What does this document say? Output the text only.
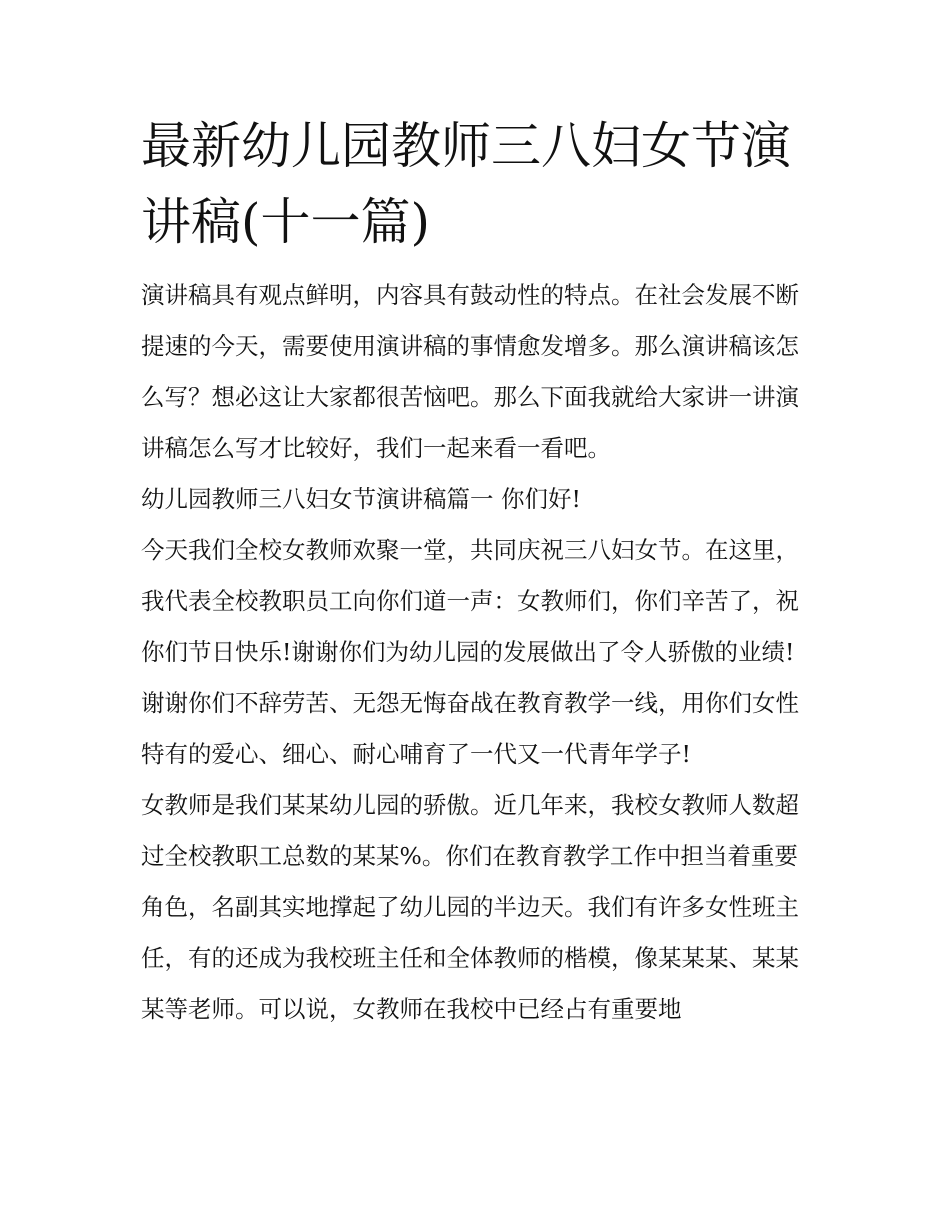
最新幼儿园教师三八妇女节演讲稿(十一篇)

演讲稿具有观点鲜明，内容具有鼓动性的特点。在社会发展不断提速的今天，需要使用演讲稿的事情愈发增多。那么演讲稿该怎么写？想必这让大家都很苦恼吧。那么下面我就给大家讲一讲演讲稿怎么写才比较好，我们一起来看一看吧。

幼儿园教师三八妇女节演讲稿篇一 你们好!

今天我们全校女教师欢聚一堂，共同庆祝三八妇女节。在这里，我代表全校教职员工向你们道一声：女教师们，你们辛苦了，祝你们节日快乐!谢谢你们为幼儿园的发展做出了令人骄傲的业绩!谢谢你们不辞劳苦、无怨无悔奋战在教育教学一线，用你们女性特有的爱心、细心、耐心哺育了一代又一代青年学子!

女教师是我们某某幼儿园的骄傲。近几年来，我校女教师人数超过全校教职工总数的某某%。你们在教育教学工作中担当着重要角色，名副其实地撑起了幼儿园的半边天。我们有许多女性班主任，有的还成为我校班主任和全体教师的楷模，像某某某、某某某等老师。可以说，女教师在我校中已经占有重要地
